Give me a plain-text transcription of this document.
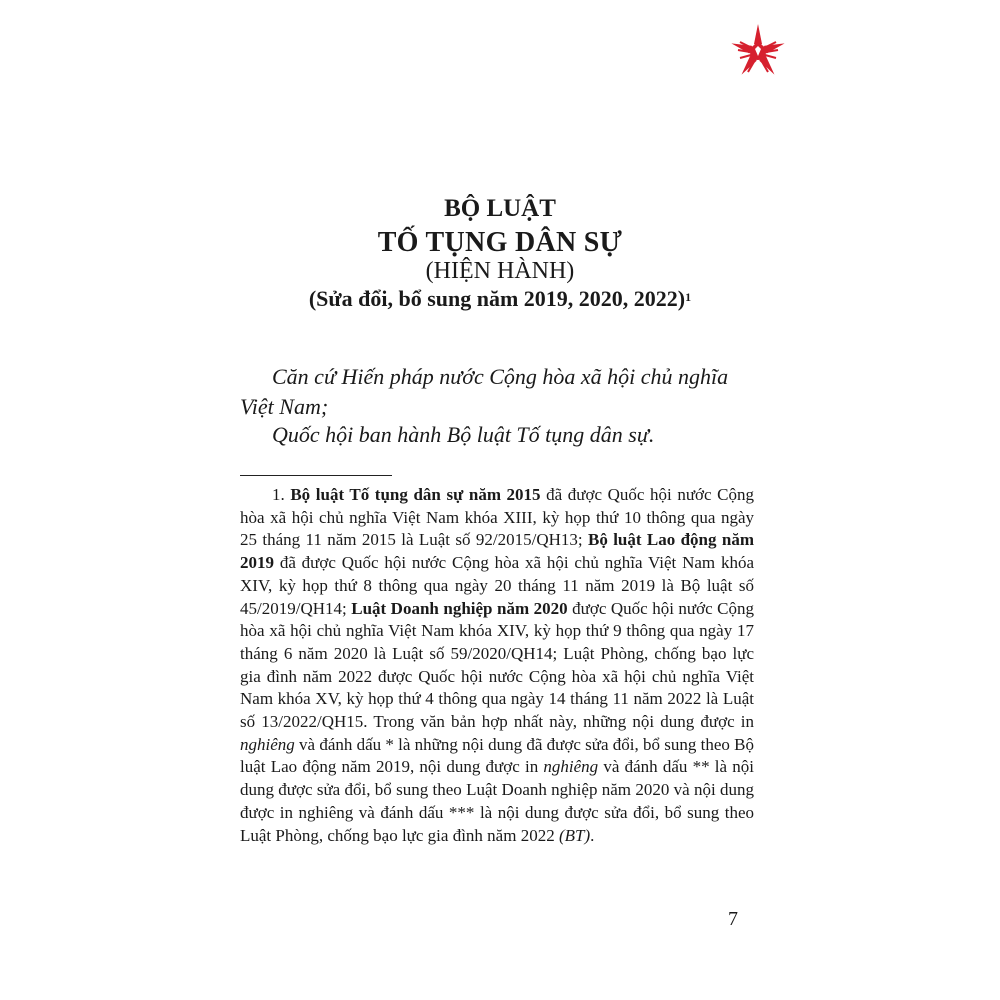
BỘ LUẬT
TỐ TỤNG DÂN SỰ
(HIỆN HÀNH)
(Sửa đổi, bổ sung năm 2019, 2020, 2022)$^1$
Căn cứ Hiến pháp nước Cộng hòa xã hội chủ nghĩa Việt Nam;
Quốc hội ban hành Bộ luật Tố tụng dân sự.
1. Bộ luật Tố tụng dân sự năm 2015 đã được Quốc hội nước Cộng hòa xã hội chủ nghĩa Việt Nam khóa XIII, kỳ họp thứ 10 thông qua ngày 25 tháng 11 năm 2015 là Luật số 92/2015/QH13; Bộ luật Lao động năm 2019 đã được Quốc hội nước Cộng hòa xã hội chủ nghĩa Việt Nam khóa XIV, kỳ họp thứ 8 thông qua ngày 20 tháng 11 năm 2019 là Bộ luật số 45/2019/QH14; Luật Doanh nghiệp năm 2020 được Quốc hội nước Cộng hòa xã hội chủ nghĩa Việt Nam khóa XIV, kỳ họp thứ 9 thông qua ngày 17 tháng 6 năm 2020 là Luật số 59/2020/QH14; Luật Phòng, chống bạo lực gia đình năm 2022 được Quốc hội nước Cộng hòa xã hội chủ nghĩa Việt Nam khóa XV, kỳ họp thứ 4 thông qua ngày 14 tháng 11 năm 2022 là Luật số 13/2022/QH15. Trong văn bản hợp nhất này, những nội dung được in nghiêng và đánh dấu * là những nội dung đã được sửa đổi, bổ sung theo Bộ luật Lao động năm 2019, nội dung được in nghiêng và đánh dấu ** là nội dung được sửa đổi, bổ sung theo Luật Doanh nghiệp năm 2020 và nội dung được in nghiêng và đánh dấu *** là nội dung được sửa đổi, bổ sung theo Luật Phòng, chống bạo lực gia đình năm 2022 (BT).
7
